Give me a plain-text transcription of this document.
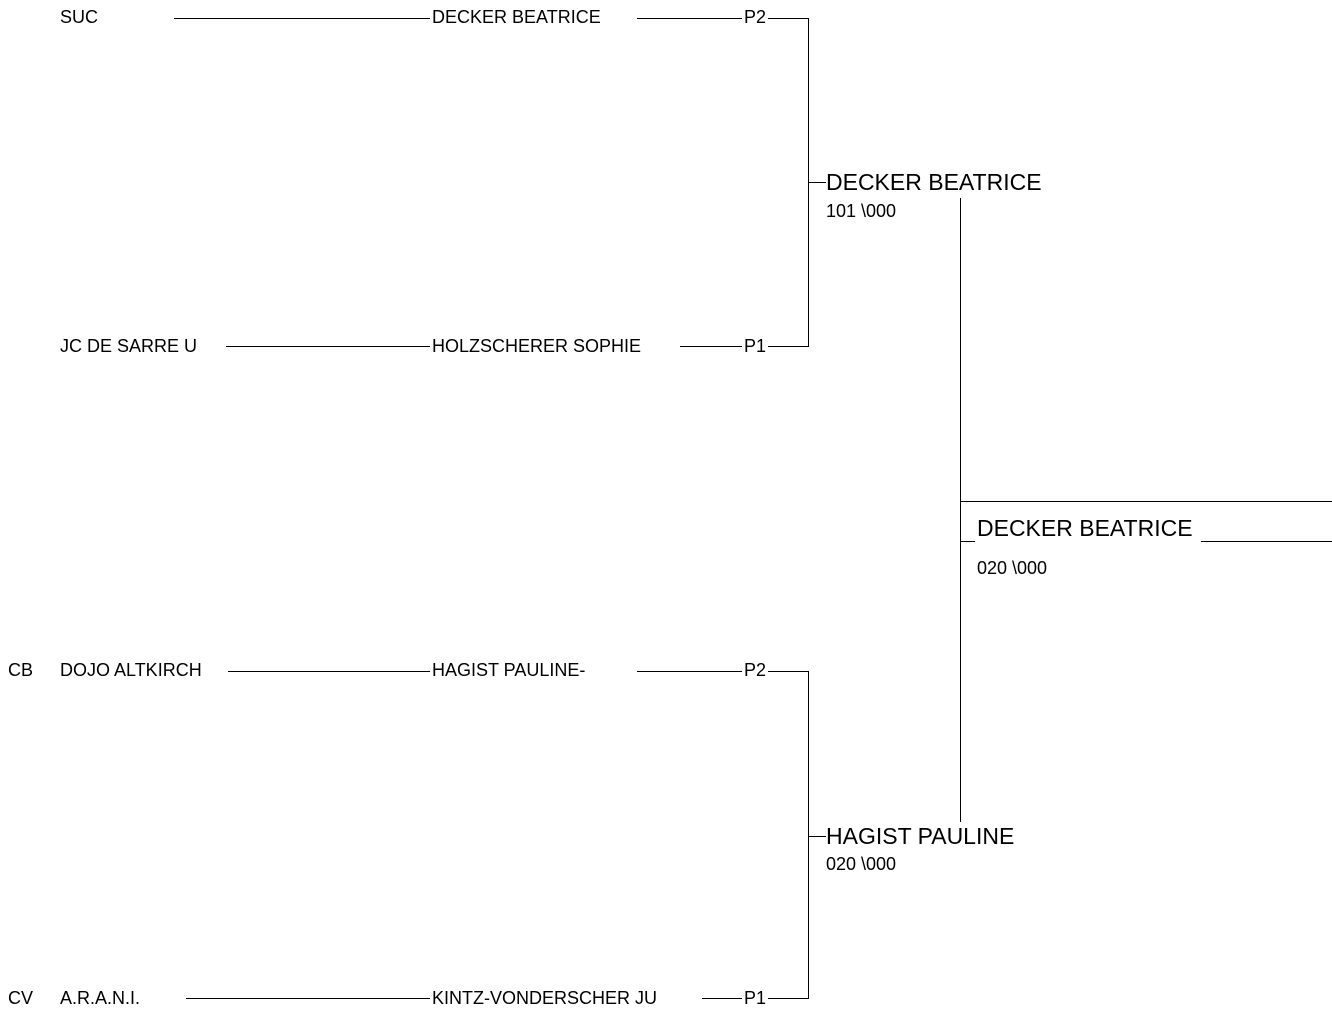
SUC	DECKER BEATRICE	P2
JC DE SARRE U	HOLZSCHERER SOPHIE	P1
CB DOJO ALTKIRCH	HAGIST PAULINE-	P2
CV A.R.A.N.I.	KINTZ-VONDERSCHER JU	P1
DECKER BEATRICE
101 \000
HAGIST PAULINE
020 \000
DECKER BEATRICE
020 \000
